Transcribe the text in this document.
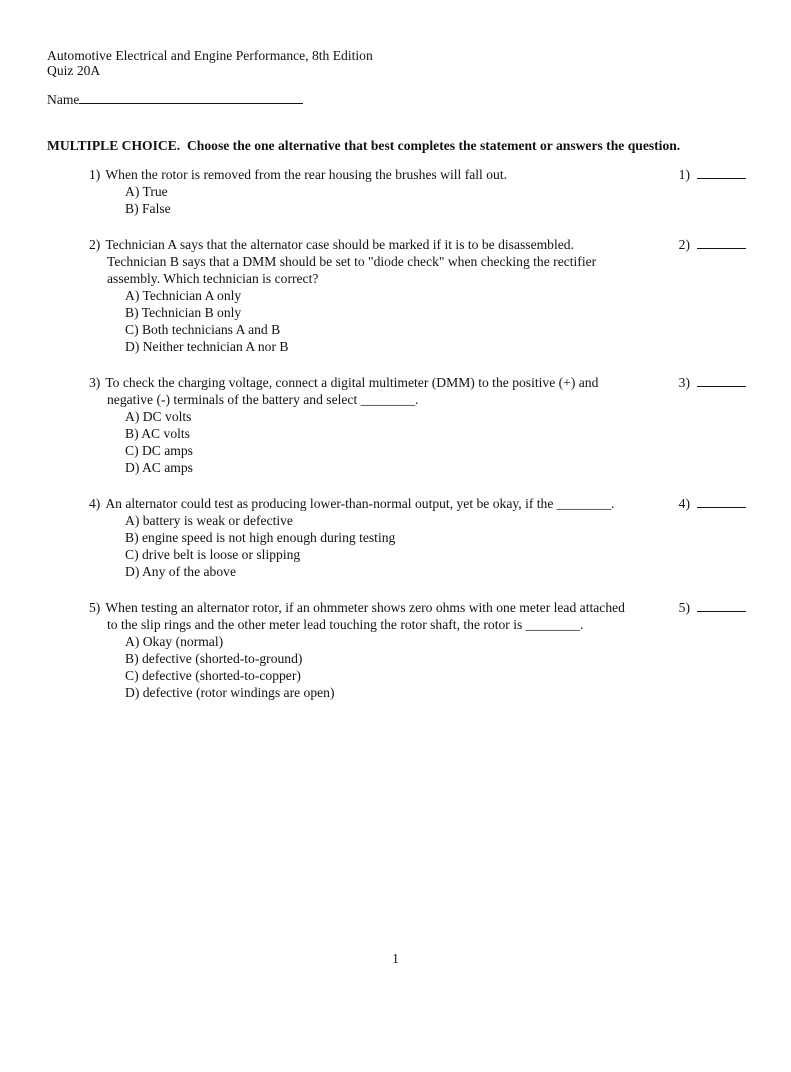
Automotive Electrical and Engine Performance, 8th Edition
Quiz 20A
Name
MULTIPLE CHOICE.  Choose the one alternative that best completes the statement or answers the question.
1) When the rotor is removed from the rear housing the brushes will fall out.
A) True
B) False
1)
2) Technician A says that the alternator case should be marked if it is to be disassembled. Technician B says that a DMM should be set to "diode check" when checking the rectifier assembly. Which technician is correct?
A) Technician A only
B) Technician B only
C) Both technicians A and B
D) Neither technician A nor B
2)
3) To check the charging voltage, connect a digital multimeter (DMM) to the positive (+) and negative (-) terminals of the battery and select ________.
A) DC volts
B) AC volts
C) DC amps
D) AC amps
3)
4) An alternator could test as producing lower-than-normal output, yet be okay, if the ________.
A) battery is weak or defective
B) engine speed is not high enough during testing
C) drive belt is loose or slipping
D) Any of the above
4)
5) When testing an alternator rotor, if an ohmmeter shows zero ohms with one meter lead attached to the slip rings and the other meter lead touching the rotor shaft, the rotor is ________.
A) Okay (normal)
B) defective (shorted-to-ground)
C) defective (shorted-to-copper)
D) defective (rotor windings are open)
5)
1
